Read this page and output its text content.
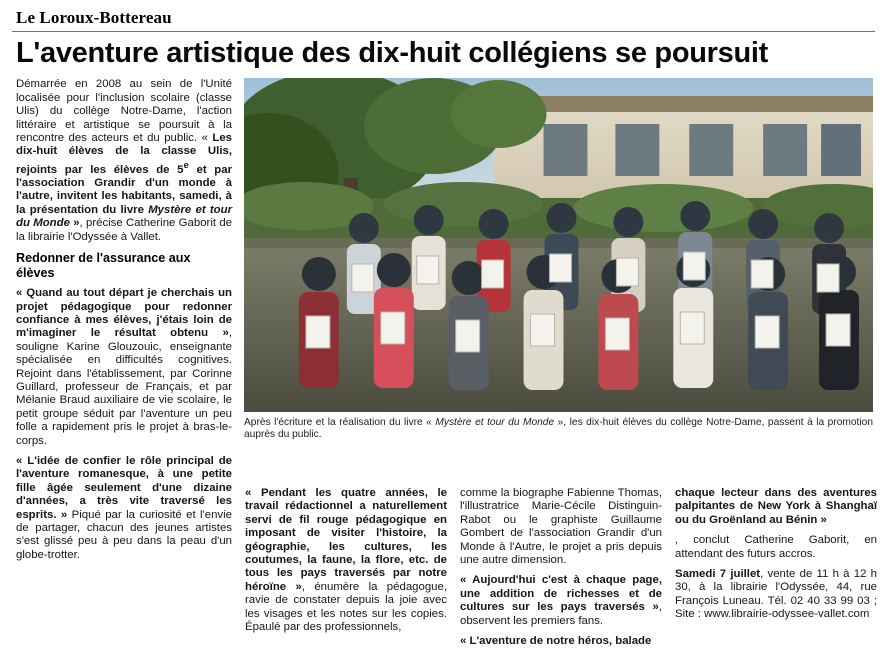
Le Loroux-Bottereau
L'aventure artistique des dix-huit collégiens se poursuit

Démarrée en 2008 au sein de l'Unité localisée pour l'inclusion scolaire (classe Ulis) du collège Notre-Dame, l'action littéraire et artistique se poursuit à la rencontre des acteurs et du public. « Les dix-huit élèves de la classe Ulis, rejoints par les élèves de 5e et par l'association Grandir d'un monde à l'autre, invitent les habitants, samedi, à la présentation du livre Mystère et tour du Monde », précise Catherine Gaborit de la librairie l'Odyssée à Vallet.

Redonner de l'assurance aux élèves

« Quand au tout départ je cherchais un projet pédagogique pour redonner confiance à mes élèves, j'étais loin de m'imaginer le résultat obtenu », souligne Karine Glouzouic, enseignante spécialisée en difficultés cognitives. Rejoint dans l'établissement, par Corinne Guillard, professeur de Français, et par Mélanie Braud auxiliaire de vie scolaire, le petit groupe séduit par l'aventure un peu folle a rapidement pris le projet à bras-le-corps.

« L'idée de confier le rôle principal de l'aventure romanesque, à une petite fille âgée seulement d'une dizaine d'années, a très vite traversé les esprits. » Piqué par la curiosité et l'envie de partager, chacun des jeunes artistes s'est glissé peu à peu dans la peau d'un globe-trotter.

Après l'écriture et la réalisation du livre « Mystère et tour du Monde », les dix-huit élèves du collège Notre-Dame, passent à la promotion auprès du public.

« Pendant les quatre années, le travail rédactionnel a naturellement servi de fil rouge pédagogique en imposant de visiter l'histoire, la géographie, les cultures, les coutumes, la faune, la flore, etc. de tous les pays traversés par notre héroïne », énumère la pédagogue, ravie de constater depuis la joie avec les visages et les notes sur les copies. Épaulé par des professionnels,

comme la biographe Fabienne Thomas, l'illustratrice Marie-Cécile Distinguin-Rabot ou le graphiste Guillaume Gombert de l'association Grandir d'un Monde à l'Autre, le projet a pris depuis une autre dimension.

« Aujourd'hui c'est à chaque page, une addition de richesses et de cultures sur les pays traversés », observent les premiers fans.

« L'aventure de notre héros, balade

chaque lecteur dans des aventures palpitantes de New York à Shanghaï ou du Groënland au Bénin »

, conclut Catherine Gaborit, en attendant des futurs accros.

Samedi 7 juillet, vente de 11 h à 12 h 30, à la librairie l'Odyssée, 44, rue François Luneau. Tél. 02 40 33 99 03 ; Site : www.librairie-odyssee-vallet.com
